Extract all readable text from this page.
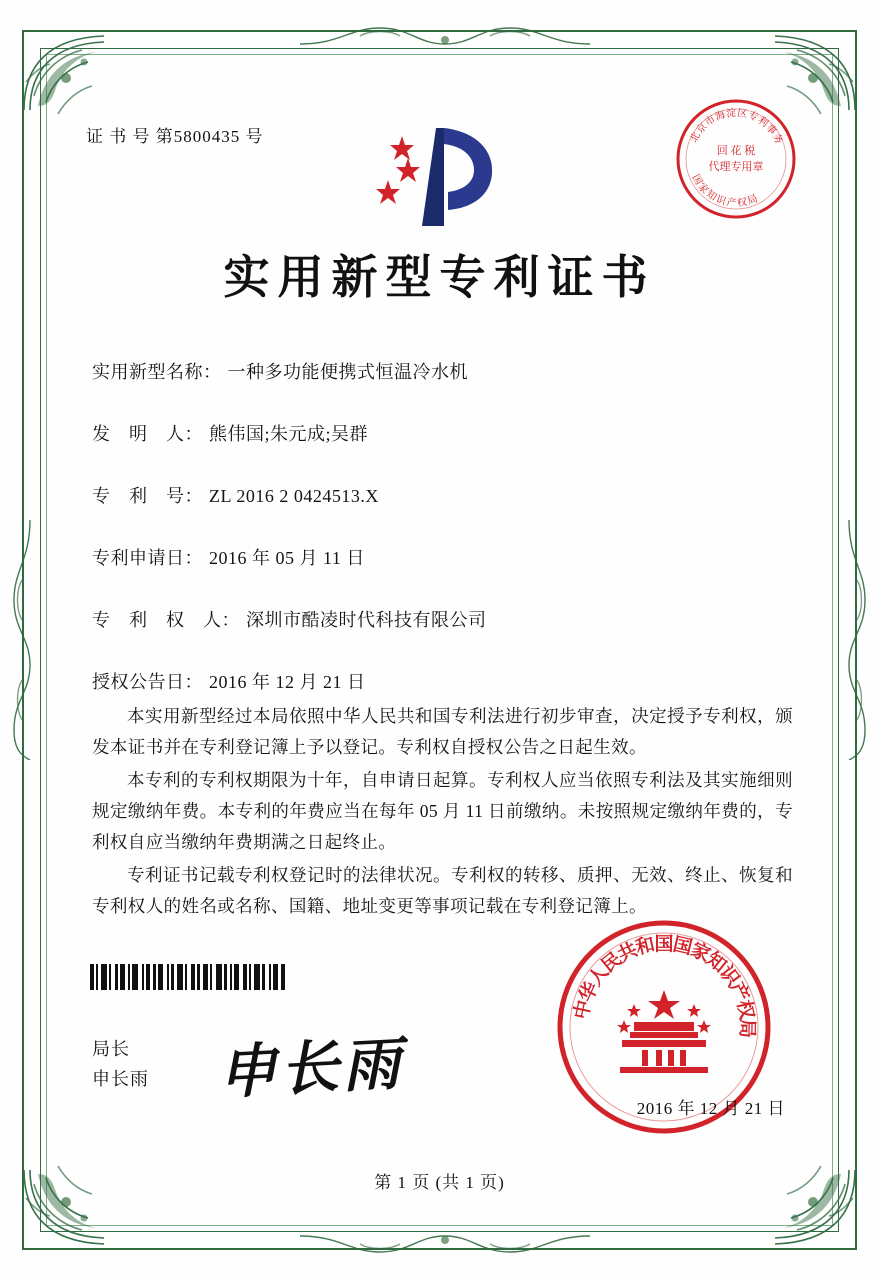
证 书 号 第5800435 号	北
京
市
海
淀 区
专
利
事
务
国
家
知
识
产 权
局
回 花 税
代理专用章
实用新型专利证书
实用新型名称： 一种多功能便携式恒温冷水机
发　明　人： 熊伟国;朱元成;吴群
专　利　号： ZL 2016 2 0424513.X
专利申请日： 2016 年 05 月 11 日
专　利　权　人： 深圳市酷凌时代科技有限公司
授权公告日： 2016 年 12 月 21 日

本实用新型经过本局依照中华人民共和国专利法进行初步审查，决定授予专利权，颁发本证书并在专利登记簿上予以登记。专利权自授权公告之日起生效。

本专利的专利权期限为十年，自申请日起算。专利权人应当依照专利法及其实施细则规定缴纳年费。本专利的年费应当在每年 05 月 11 日前缴纳。未按照规定缴纳年费的，专利权自应当缴纳年费期满之日起终止。

专利证书记载专利权登记时的法律状况。专利权的转移、质押、无效、终止、恢复和专利权人的姓名或名称、国籍、地址变更等事项记载在专利登记簿上。

局长
申长雨 申长雨
中
华
人
民
共
和
国
国
家
知
识
产
权
局
2016 年 12 月 21 日
第 1 页 (共 1 页)
